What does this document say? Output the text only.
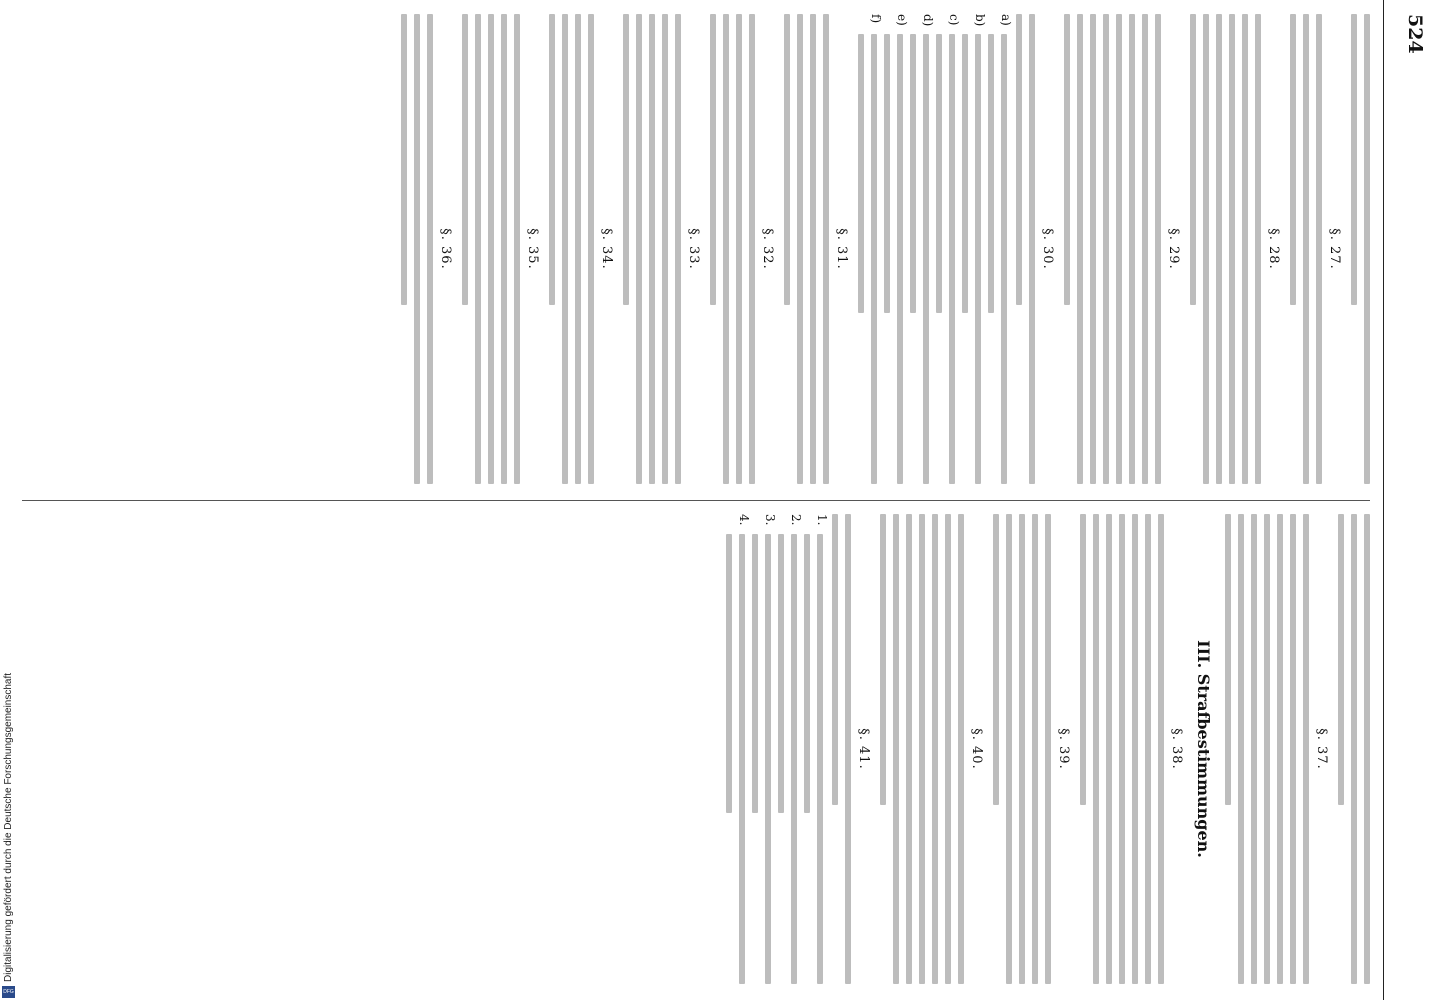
524
§. 27.
§. 28.
§. 29.
§. 30.
a)
b)
c)
d)
e)
f)
§. 31.
§. 32.
§. 33.
§. 34.
§. 35.
§. 36.
§. 37.
III. Strafbestimmungen.
§. 38.
§. 39.
§. 40.
§. 41.
1.
2.
3.
4.
Digitalisierung gefördert durch die Deutsche Forschungsgemeinschaft
DFG
